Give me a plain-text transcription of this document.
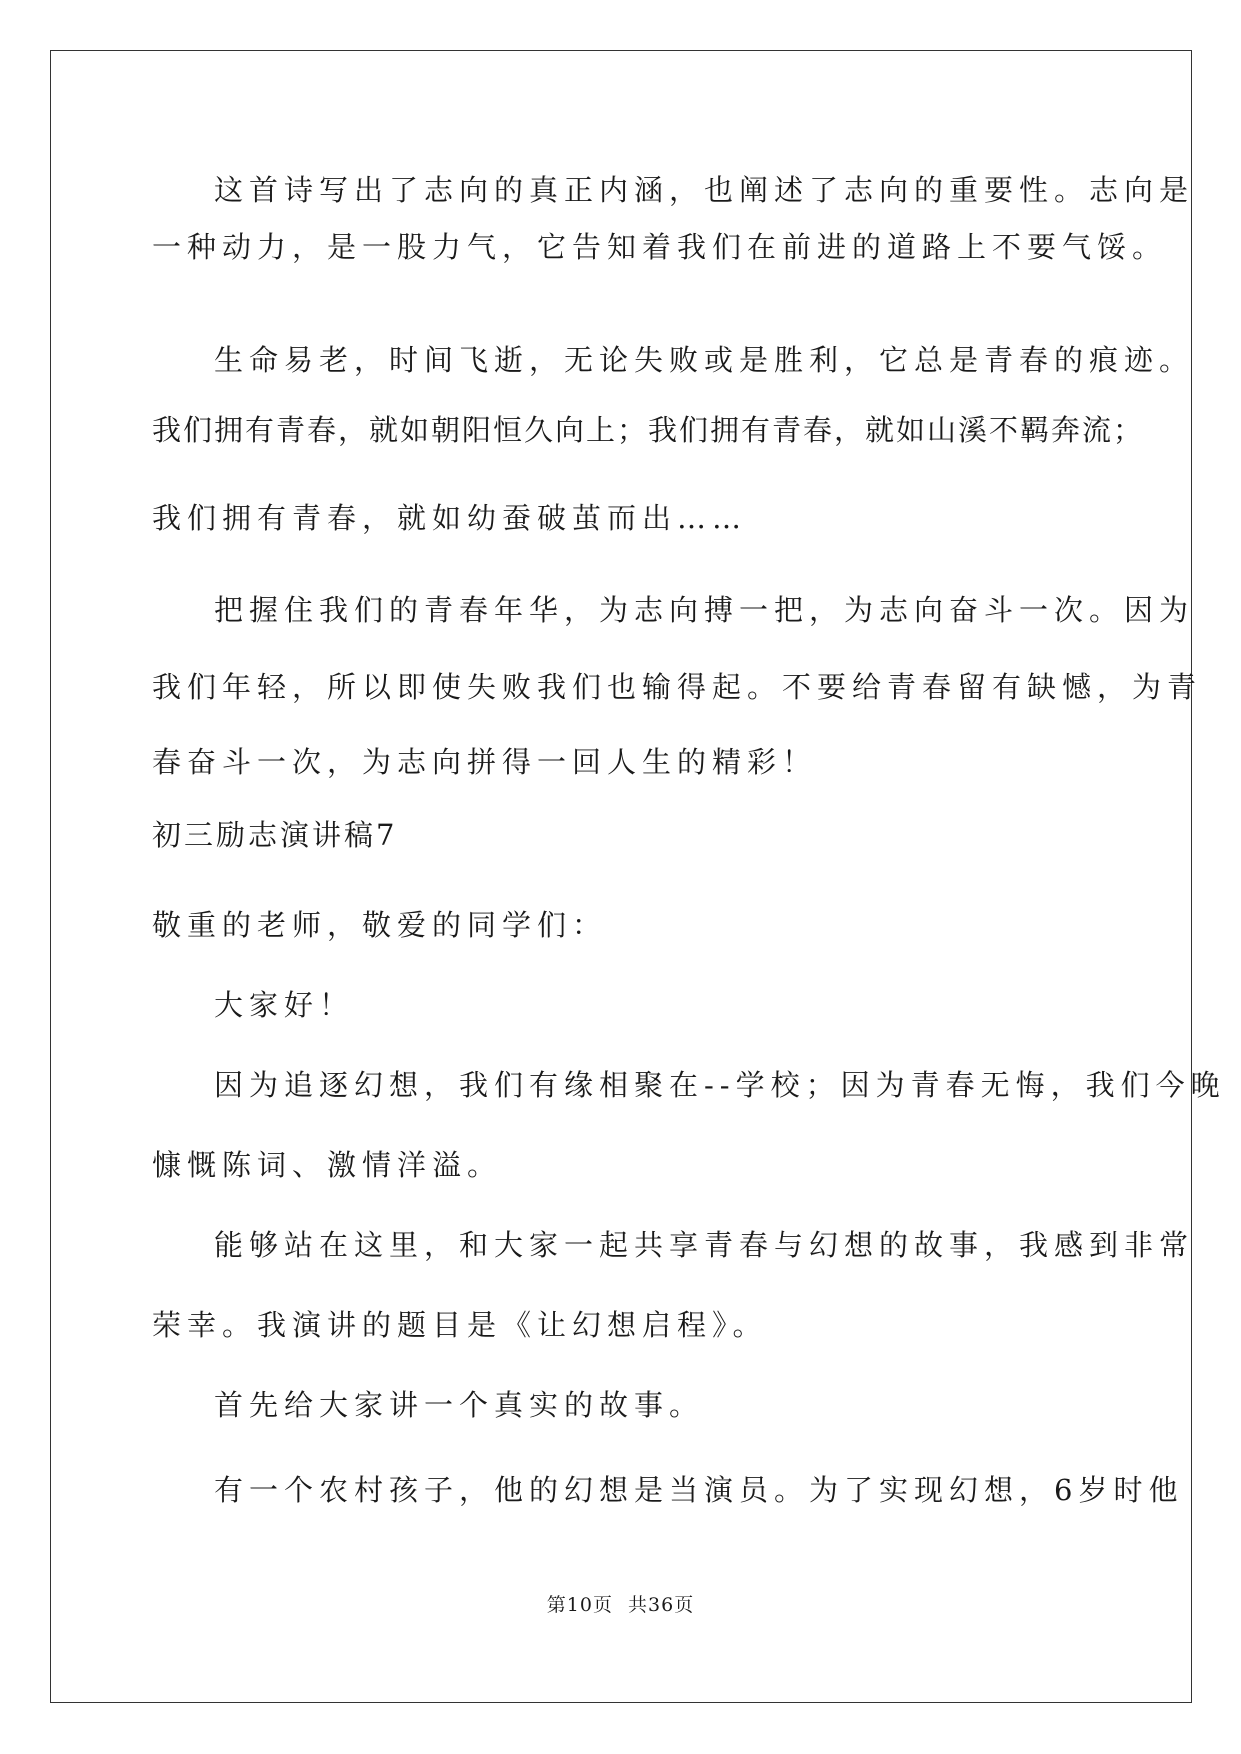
这首诗写出了志向的真正内涵，也阐述了志向的重要性。志向是
一种动力，是一股力气，它告知着我们在前进的道路上不要气馁。
生命易老，时间飞逝，无论失败或是胜利，它总是青春的痕迹。
我们拥有青春，就如朝阳恒久向上；我们拥有青春，就如山溪不羁奔流；
我们拥有青春，就如幼蚕破茧而出……
把握住我们的青春年华，为志向搏一把，为志向奋斗一次。因为
我们年轻，所以即使失败我们也输得起。不要给青春留有缺憾，为青
春奋斗一次，为志向拼得一回人生的精彩！
初三励志演讲稿7
敬重的老师，敬爱的同学们：
大家好！
因为追逐幻想，我们有缘相聚在--学校；因为青春无悔，我们今晚
慷慨陈词、激情洋溢。
能够站在这里，和大家一起共享青春与幻想的故事，我感到非常
荣幸。我演讲的题目是《让幻想启程》。
首先给大家讲一个真实的故事。
有一个农村孩子，他的幻想是当演员。为了实现幻想，6岁时他
第10页 共36页
